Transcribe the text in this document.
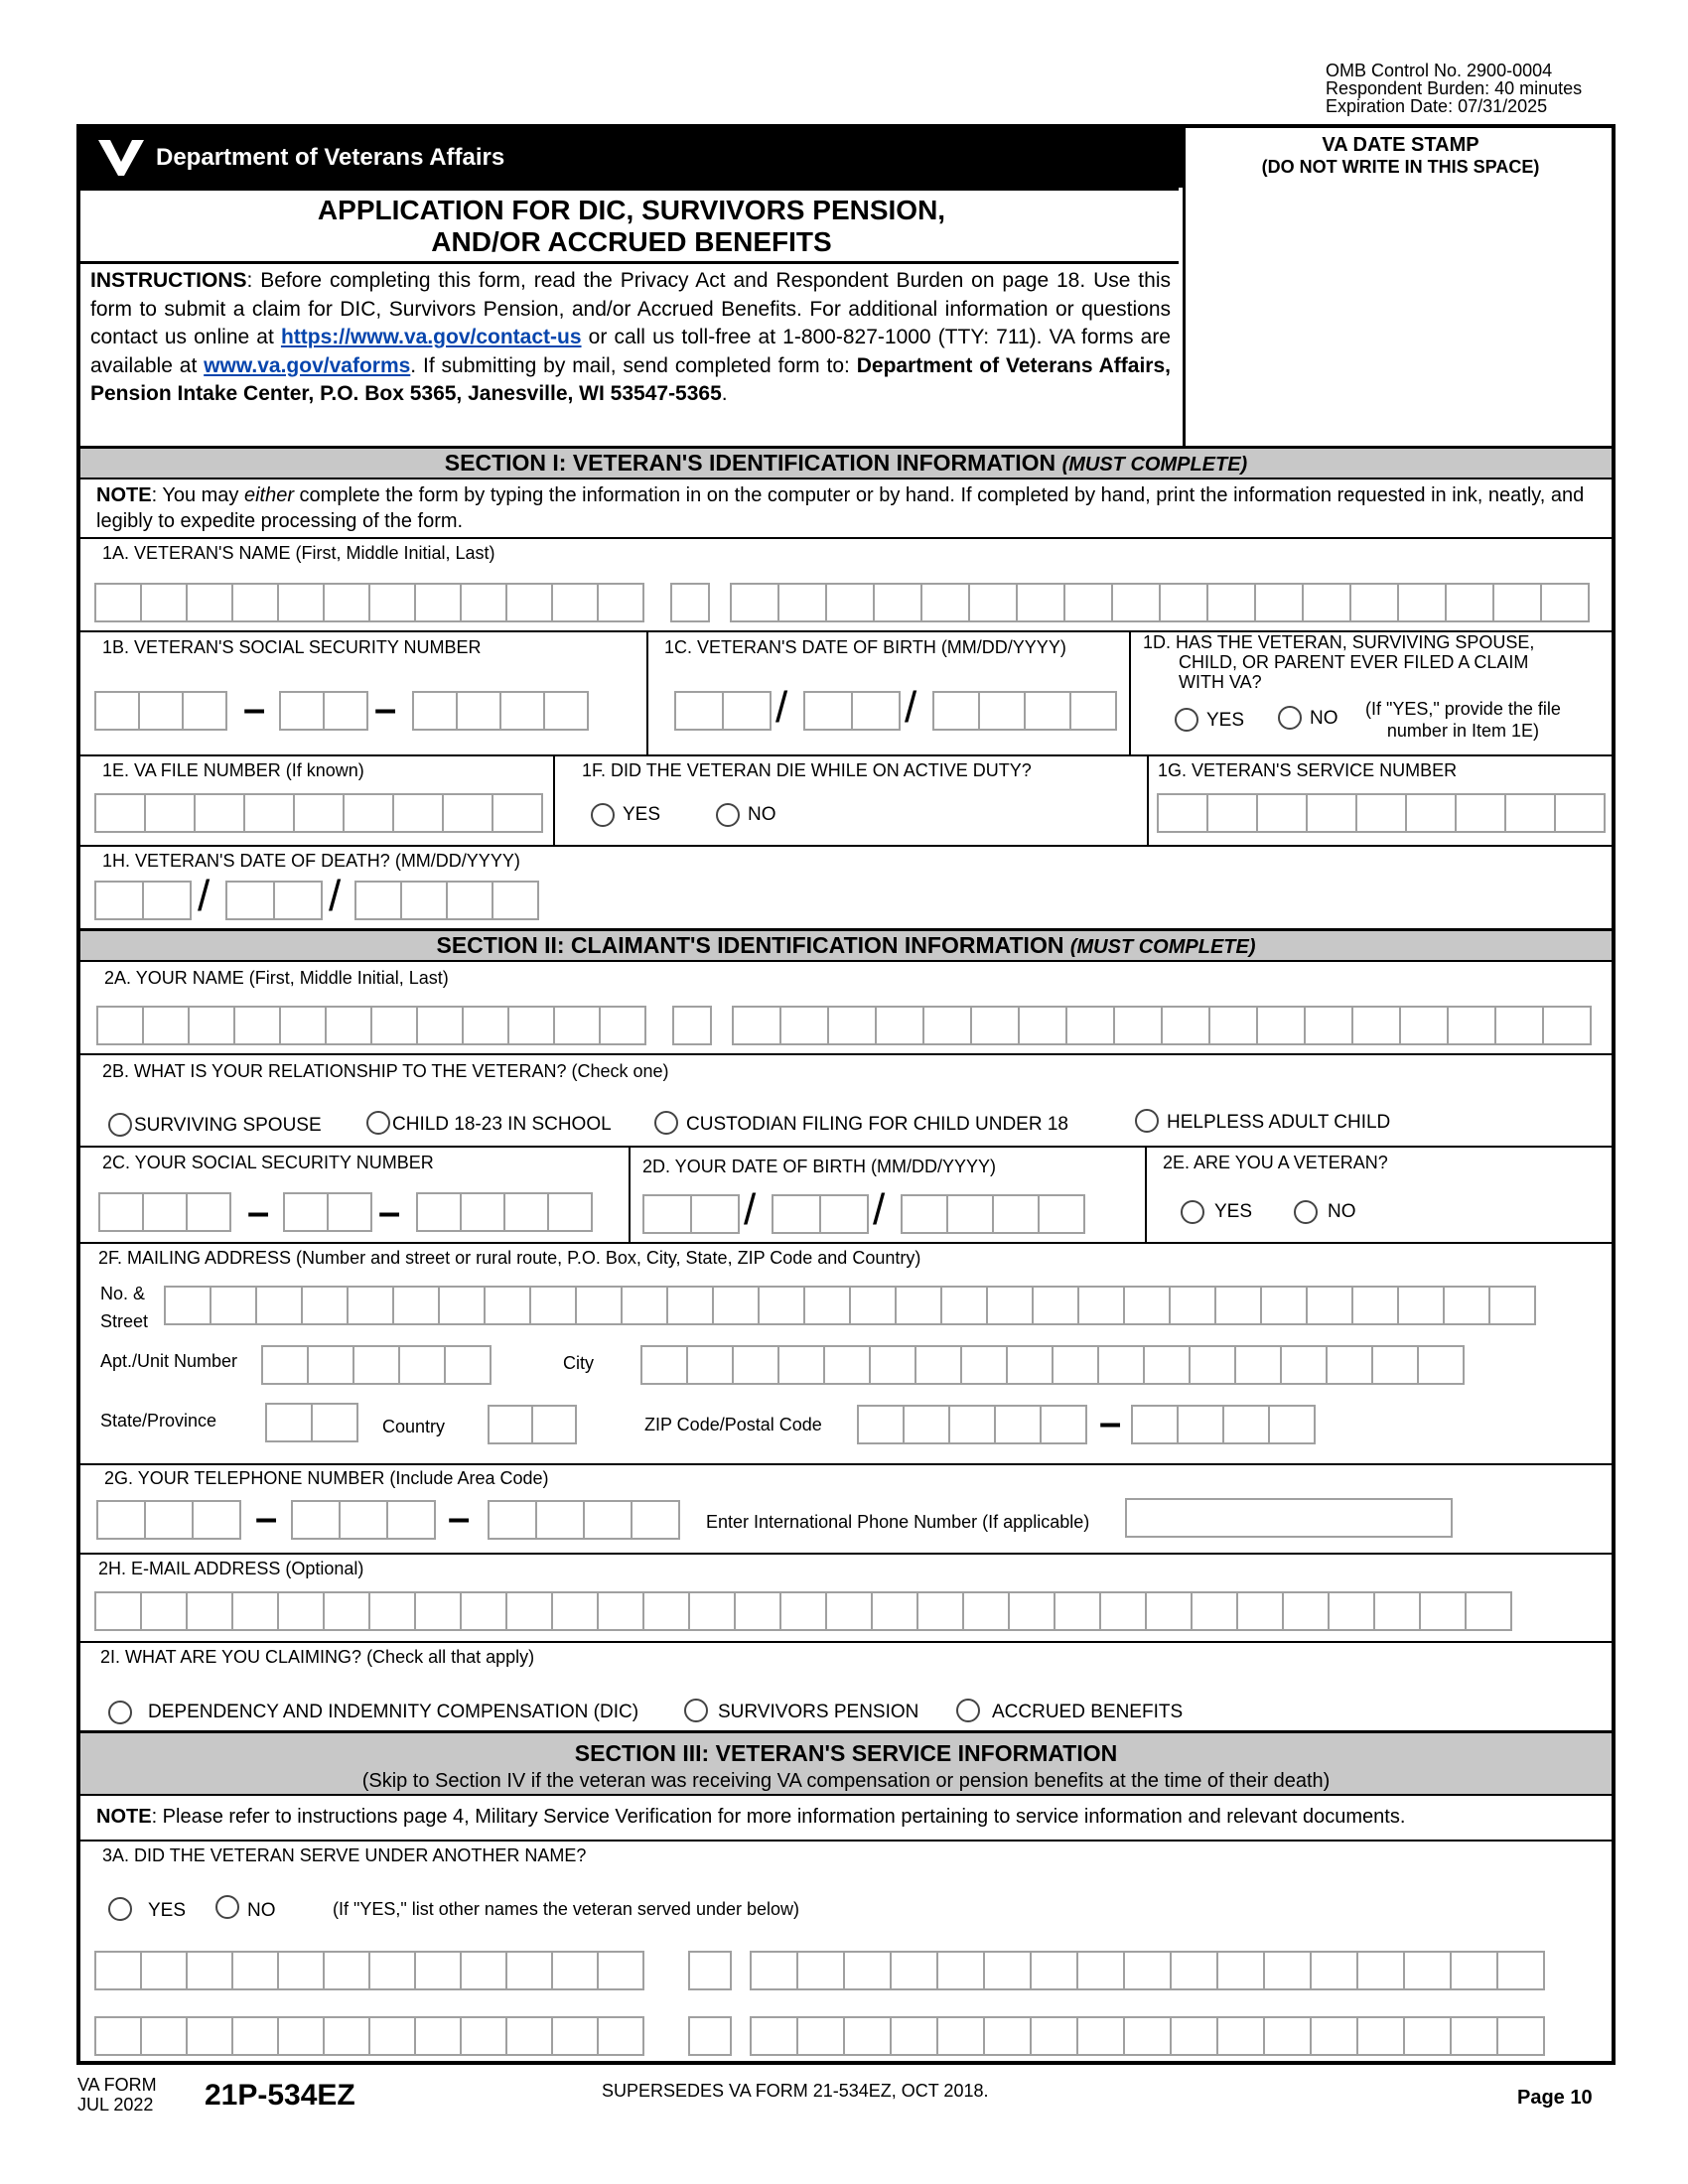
OMB Control No. 2900-0004
Respondent Burden: 40 minutes
Expiration Date: 07/31/2025
Department of Veterans Affairs	VA DATE STAMP
(DO NOT WRITE IN THIS SPACE)
APPLICATION FOR DIC, SURVIVORS PENSION,
AND/OR ACCRUED BENEFITS
INSTRUCTIONS: Before completing this form, read the Privacy Act and Respondent Burden on page 18. Use this form to submit a claim for DIC, Survivors Pension, and/or Accrued Benefits. For additional information or questions contact us online at https://www.va.gov/contact-us or call us toll-free at 1-800-827-1000 (TTY: 711). VA forms are available at www.va.gov/vaforms. If submitting by mail, send completed form to: Department of Veterans Affairs, Pension Intake Center, P.O. Box 5365, Janesville, WI 53547-5365.
SECTION I: VETERAN'S IDENTIFICATION INFORMATION (MUST COMPLETE)
NOTE: You may either complete the form by typing the information in on the computer or by hand. If completed by hand, print the information requested in ink, neatly, and legibly to expedite processing of the form.
1A. VETERAN'S NAME (First, Middle Initial, Last)
1B. VETERAN'S SOCIAL SECURITY NUMBER
–	–
1C. VETERAN'S DATE OF BIRTH (MM/DD/YYYY)
/	/
1D. HAS THE VETERAN, SURVIVING SPOUSE,
CHILD, OR PARENT EVER FILED A CLAIM
WITH VA?
YES	NO (If "YES," provide the file
number in Item 1E)
1E. VA FILE NUMBER (If known)	1F. DID THE VETERAN DIE WHILE ON ACTIVE DUTY?
YES	NO
1G. VETERAN'S SERVICE NUMBER
1H. VETERAN'S DATE OF DEATH? (MM/DD/YYYY)
/	/
SECTION II: CLAIMANT'S IDENTIFICATION INFORMATION (MUST COMPLETE)
2A. YOUR NAME (First, Middle Initial, Last)
2B. WHAT IS YOUR RELATIONSHIP TO THE VETERAN? (Check one)
SURVIVING SPOUSE	CHILD 18-23 IN SCHOOL	CUSTODIAN FILING FOR CHILD UNDER 18	HELPLESS ADULT CHILD
2C. YOUR SOCIAL SECURITY NUMBER
–	–
2D. YOUR DATE OF BIRTH (MM/DD/YYYY)
/	/
2E. ARE YOU A VETERAN?
YES	NO
2F. MAILING ADDRESS (Number and street or rural route, P.O. Box, City, State, ZIP Code and Country)
No. &
Street
Apt./Unit Number	City
State/Province	Country	ZIP Code/Postal Code	–
2G. YOUR TELEPHONE NUMBER (Include Area Code)
–	–	Enter International Phone Number (If applicable)
2H. E-MAIL ADDRESS (Optional)
2I. WHAT ARE YOU CLAIMING? (Check all that apply)
DEPENDENCY AND INDEMNITY COMPENSATION (DIC)	SURVIVORS PENSION	ACCRUED BENEFITS
SECTION III: VETERAN'S SERVICE INFORMATION
(Skip to Section IV if the veteran was receiving VA compensation or pension benefits at the time of their death)
NOTE: Please refer to instructions page 4, Military Service Verification for more information pertaining to service information and relevant documents.
3A. DID THE VETERAN SERVE UNDER ANOTHER NAME?
YES	NO	(If "YES," list other names the veteran served under below)
VA FORM
JUL 2022 21P-534EZ	SUPERSEDES VA FORM 21-534EZ, OCT 2018.	Page 10
